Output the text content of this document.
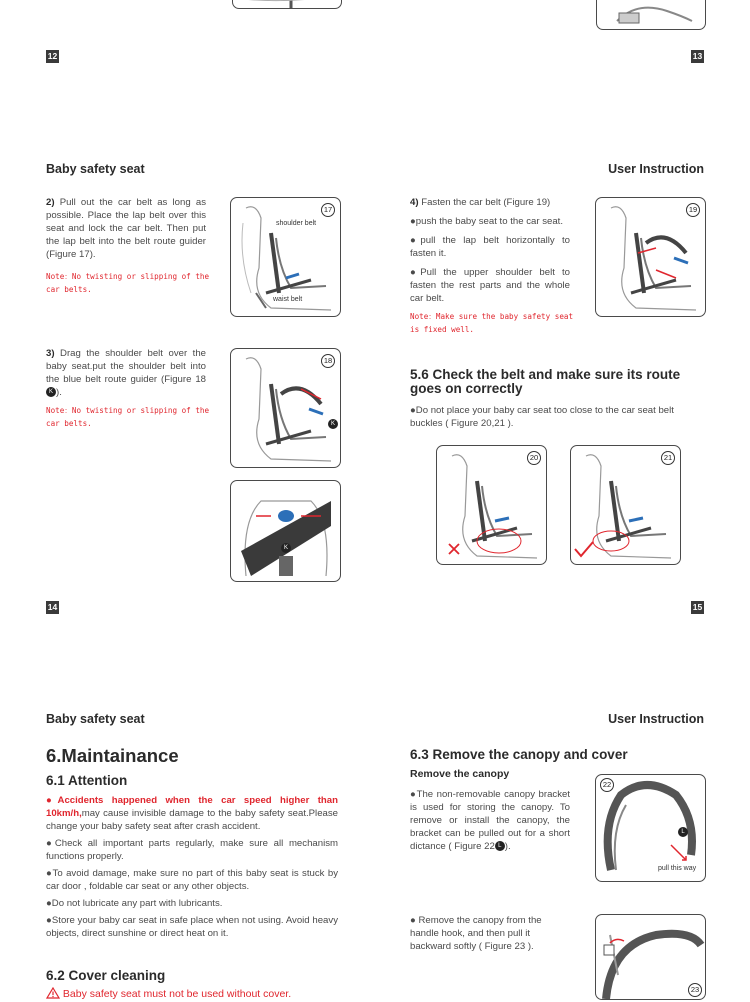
12	13
Baby safety seat	User Instruction
2) Pull out the car belt as long as possible. Place the lap belt over this seat and lock the car belt. Then put the lap belt into the belt route guider (Figure 17).
Note：No twisting or slipping of the car belts.
17
shoulder belt
waist belt
3) Drag the shoulder belt over the baby seat.put the shoulder belt into the blue belt route guider (Figure 18 K ).
Note：No twisting or slipping of the car belts.
18
K
K
4) Fasten the car belt (Figure 19)
●push the baby seat to the car seat.
●pull the lap belt horizontally to fasten it.
●Pull the upper shoulder belt to fasten the rest parts and the whole car belt.
Note：Make sure the baby safety seat is fixed well.
19
5.6 Check the belt and make sure its route goes on correctly
●Do not place your baby car seat too close to the car seat belt buckles ( Figure 20,21 ).
20	21
14	15
Baby safety seat	User Instruction
6.Maintainance
6.1 Attention
●Accidents happened when the car speed higher than 10km/h,may cause invisible damage to the baby safety seat.Please change your baby safety seat after crash accident.
●Check all important parts regularly, make sure all mechanism functions properly.
●To avoid damage, make sure no part of this baby seat is stuck by car door , foldable car seat or any other objects.
●Do not lubricate any part with lubricants.
●Store your baby car seat in safe place when not using. Avoid heavy objects, direct sunshine or direct heat on it.
6.2 Cover cleaning
Baby safety seat must not be used without cover.
6.3 Remove the canopy and cover
Remove the canopy
●The non-removable canopy bracket is used for storing the canopy. To remove or install the canopy, the bracket can be pulled out for a short dictance ( Figure 22 L ).
22
L
pull this way
● Remove the canopy from the handle hook, and then pull it backward softly ( Figure 23 ).
23
